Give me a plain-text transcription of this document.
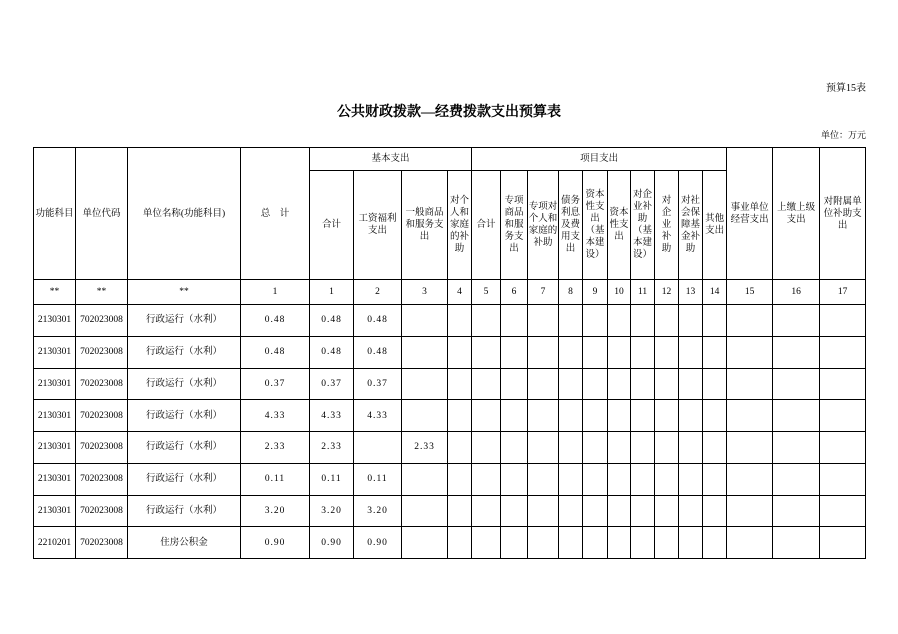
预算15表
公共财政拨款—经费拨款支出预算表
单位：万元
功能科目	单位代码	单位名称(功能科目)	总　计	基本支出				项目支出										事业单位经营支出	上缴上级支出	对附属单位补助支出
				合计	工资福利支出	一般商品和服务支出	对个人和家庭的补助	合计	专项商品和服务支出	专项对个人和家庭的补助	债务利息及费用支出	资本性支出（基本建设）	资本性支出	对企业补助（基本建设）	对企业补助	对社会保障基金补助	其他支出			
**	**	**	1	1	2	3	4	5	6	7	8	9	10	11	12	13	14	15	16	17
2130301	702023008	行政运行（水利）	0.48	0.48	0.48															
2130301	702023008	行政运行（水利）	0.48	0.48	0.48															
2130301	702023008	行政运行（水利）	0.37	0.37	0.37															
2130301	702023008	行政运行（水利）	4.33	4.33	4.33															
2130301	702023008	行政运行（水利）	2.33	2.33		2.33														
2130301	702023008	行政运行（水利）	0.11	0.11	0.11															
2130301	702023008	行政运行（水利）	3.20	3.20	3.20															
2210201	702023008	住房公积金	0.90	0.90	0.90															
